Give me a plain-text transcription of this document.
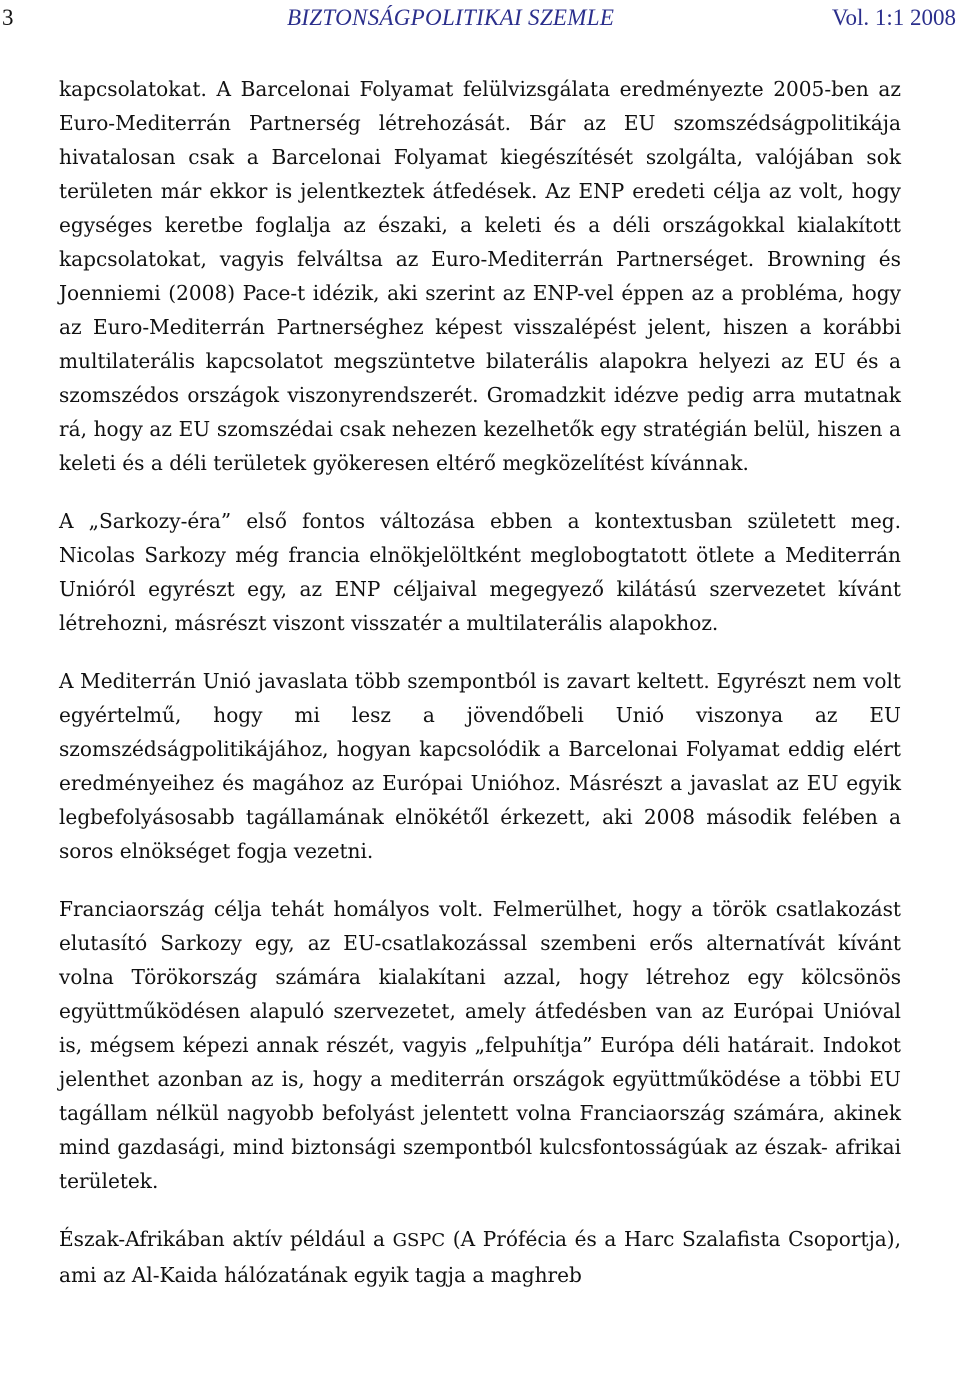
3	BIZTONSÁGPOLITIKAI SZEMLE	Vol. 1:1 2008

kapcsolatokat. A Barcelonai Folyamat felülvizsgálata eredményezte 2005-ben az Euro-Mediterrán Partnerség létrehozását. Bár az EU szomszédságpolitikája hivatalosan csak a Barcelonai Folyamat kiegészítését szolgálta, valójában sok területen már ekkor is jelentkeztek átfedések. Az ENP eredeti célja az volt, hogy egységes keretbe foglalja az északi, a keleti és a déli országokkal kialakított kapcsolatokat, vagyis felváltsa az Euro-Mediterrán Partnerséget. Browning és Joenniemi (2008) Pace-t idézik, aki szerint az ENP-vel éppen az a probléma, hogy az Euro-Mediterrán Partnerséghez képest visszalépést jelent, hiszen a korábbi multilaterális kapcsolatot megszüntetve bilaterális alapokra helyezi az EU és a szomszédos országok viszonyrendszerét. Gromadzkit idézve pedig arra mutatnak rá, hogy az EU szomszédai csak nehezen kezelhetők egy stratégián belül, hiszen a keleti és a déli területek gyökeresen eltérő megközelítést kívánnak.

A „Sarkozy-éra” első fontos változása ebben a kontextusban született meg. Nicolas Sarkozy még francia elnökjelöltként meglobogtatott ötlete a Mediterrán Unióról egyrészt egy, az ENP céljaival megegyező kilátású szervezetet kívánt létrehozni, másrészt viszont visszatér a multilaterális alapokhoz.

A Mediterrán Unió javaslata több szempontból is zavart keltett. Egyrészt nem volt egyértelmű, hogy mi lesz a jövendőbeli Unió viszonya az EU szomszédságpolitikájához, hogyan kapcsolódik a Barcelonai Folyamat eddig elért eredményeihez és magához az Európai Unióhoz. Másrészt a javaslat az EU egyik legbefolyásosabb tagállamának elnökétől érkezett, aki 2008 második felében a soros elnökséget fogja vezetni.

Franciaország célja tehát homályos volt. Felmerülhet, hogy a török csatlakozást elutasító Sarkozy egy, az EU-csatlakozással szembeni erős alternatívát kívánt volna Törökország számára kialakítani azzal, hogy létrehoz egy kölcsönös együttműködésen alapuló szervezetet, amely átfedésben van az Európai Unióval is, mégsem képezi annak részét, vagyis „felpuhítja” Európa déli határait. Indokot jelenthet azonban az is, hogy a mediterrán országok együttműködése a többi EU tagállam nélkül nagyobb befolyást jelentett volna Franciaország számára, akinek mind gazdasági, mind biztonsági szempontból kulcsfontosságúak az észak- afrikai területek.

Észak-Afrikában aktív például a GSPC (A Prófécia és a Harc Szalafista Csoportja), ami az Al-Kaida hálózatának egyik tagja a maghreb
